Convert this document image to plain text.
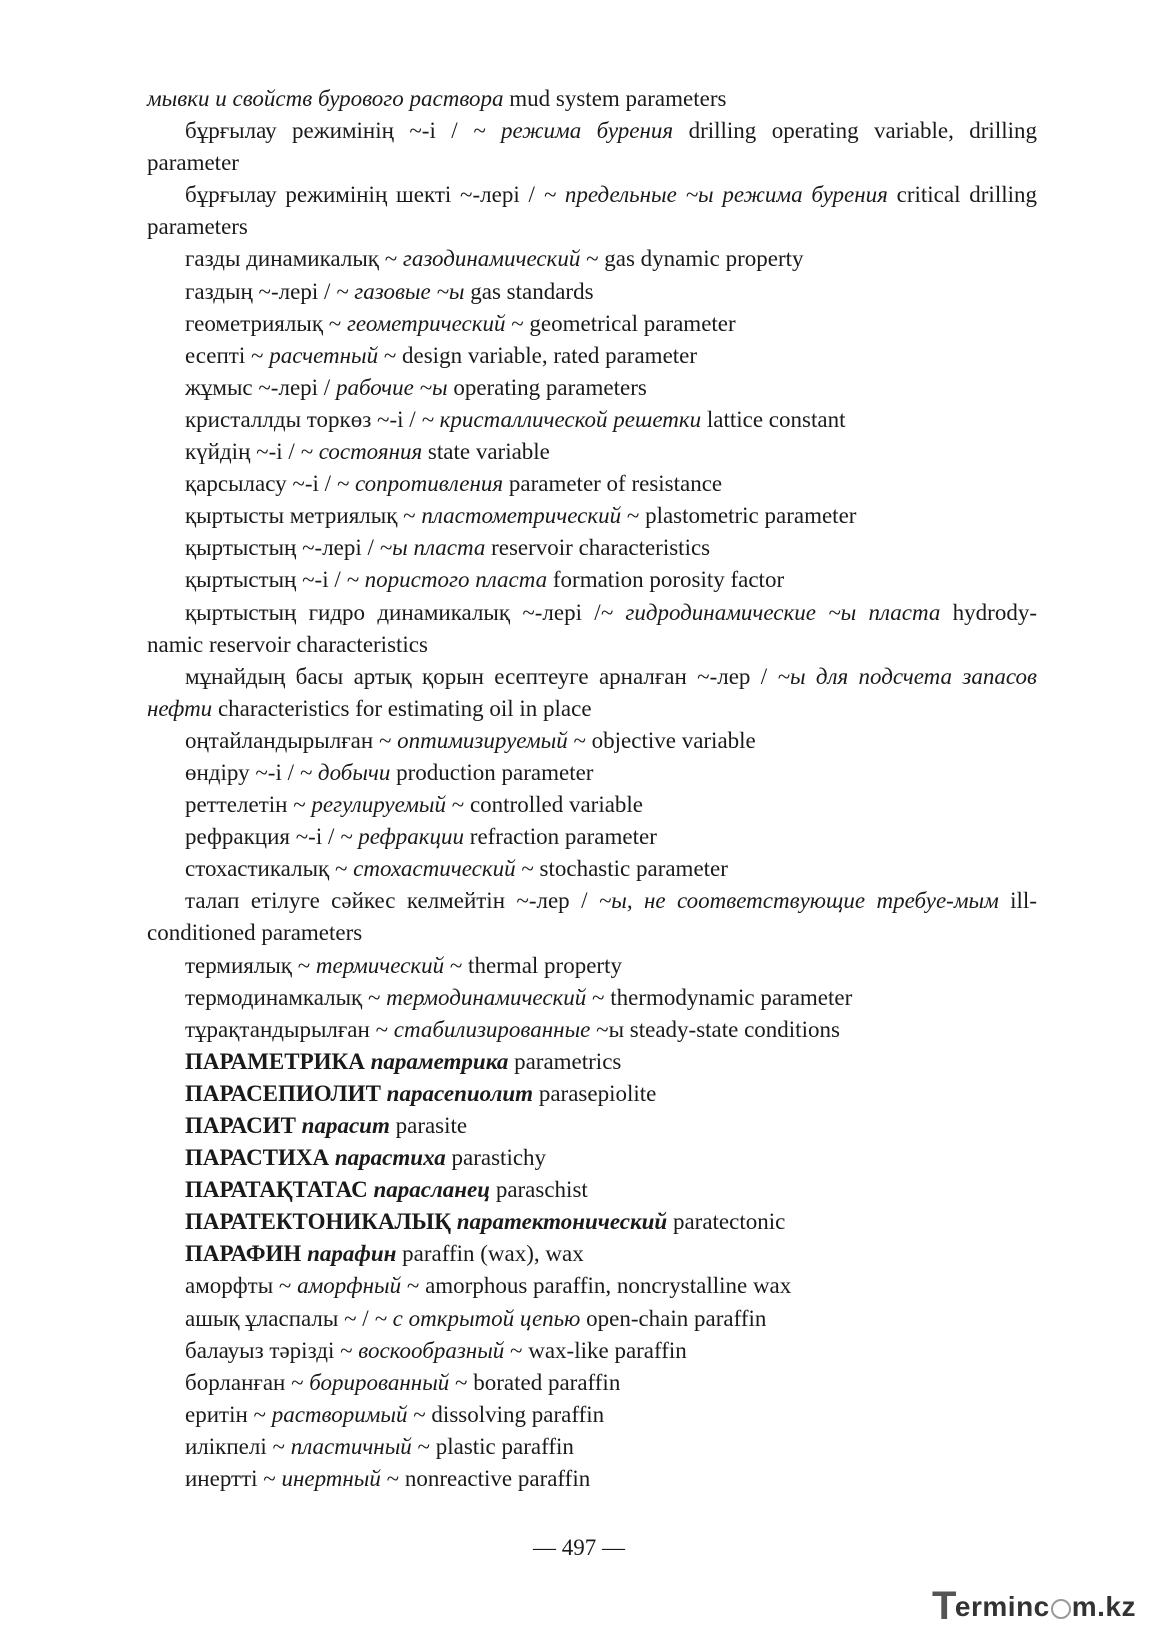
мывки и свойств бурового раствора mud system parameters

бұрғылау режимінің ~-і / ~ режима бурения drilling operating variable, drilling parameter

бұрғылау режимінің шекті ~-лері / ~ предельные ~ы режима бурения critical drilling parameters

газды динамикалық ~ газодинамический ~ gas dynamic property

газдың ~-лері / ~ газовые ~ы gas standards

геометриялық ~ геометрический ~ geometrical parameter

есепті ~ расчетный ~ design variable, rated parameter

жұмыс ~-лері / рабочие ~ы operating parameters

кристаллды торкөз ~-і / ~ кристаллической решетки lattice constant

күйдің ~-і / ~ состояния state variable

қарсыласу ~-і / ~ сопротивления parameter of resistance

қыртысты метриялық ~ пластометрический ~ plastometric parameter

қыртыстың ~-лері / ~ы пласта reservoir characteristics

қыртыстың ~-і / ~ пористого пласта formation porosity factor

қыртыстың гидро динамикалық ~-лері /~ гидродинамические ~ы пласта hydrody-namic reservoir characteristics

мұнайдың басы артық қорын есептеуге арналған ~-лер / ~ы для подсчета запасов нефти characteristics for estimating oil in place

оңтайландырылған ~ оптимизируемый ~ objective variable

өндіру ~-і / ~ добычи production parameter

реттелетін ~ регулируемый ~ controlled variable

рефракция ~-і / ~ рефракции refraction parameter

стохастикалық ~ стохастический ~ stochastic parameter

талап етілуге сәйкес келмейтін ~-лер / ~ы, не соответствующие требуе-мым ill-conditioned parameters

термиялық ~ термический ~ thermal property

термодинамкалық ~ термодинамический ~ thermodynamic parameter

тұрақтандырылған ~ стабилизированные ~ы steady-state conditions

ПАРАМЕТРИКА параметрика parametrics

ПАРАСЕПИОЛИТ парасепиолит parasepiolite

ПАРАСИТ парасит parasite

ПАРАСТИХА парастиха parastichy

ПАРАТАҚТАТАС парасланец paraschist

ПАРАТЕКТОНИКАЛЫҚ паратектонический paratectonic

ПАРАФИН парафин paraffin (wax), wax

аморфты ~ аморфный ~ amorphous paraffin, noncrystalline wax

ашық ұласпалы ~ / ~ с открытой цепью open-chain paraffin

балауыз тәрізді ~ воскообразный ~ wax-like paraffin

борланған ~ борированный ~ borated paraffin

еритін ~ растворимый ~ dissolving paraffin

илікпелі ~ пластичный ~ plastic paraffin

инертті ~ инертный ~ nonreactive paraffin

— 497 —
T
erminc m.kz
